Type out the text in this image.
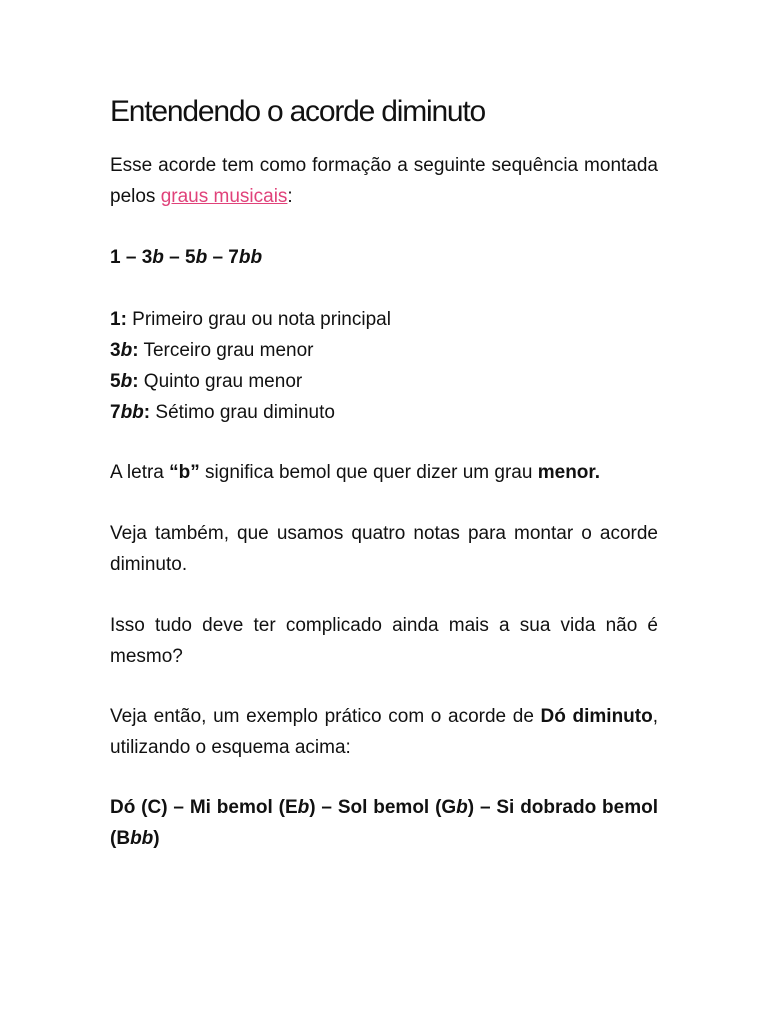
Entendendo o acorde diminuto

Esse acorde tem como formação a seguinte sequência montada pelos graus musicais:

1 – 3b – 5b – 7bb

1: Primeiro grau ou nota principal
3b: Terceiro grau menor
5b: Quinto grau menor
7bb: Sétimo grau diminuto

A letra “b” significa bemol que quer dizer um grau menor.

Veja também, que usamos quatro notas para montar o acorde diminuto.

Isso tudo deve ter complicado ainda mais a sua vida não é mesmo?

Veja então, um exemplo prático com o acorde de Dó diminuto, utilizando o esquema acima:

Dó (C) – Mi bemol (Eb) – Sol bemol (Gb) – Si dobrado bemol (Bbb)
